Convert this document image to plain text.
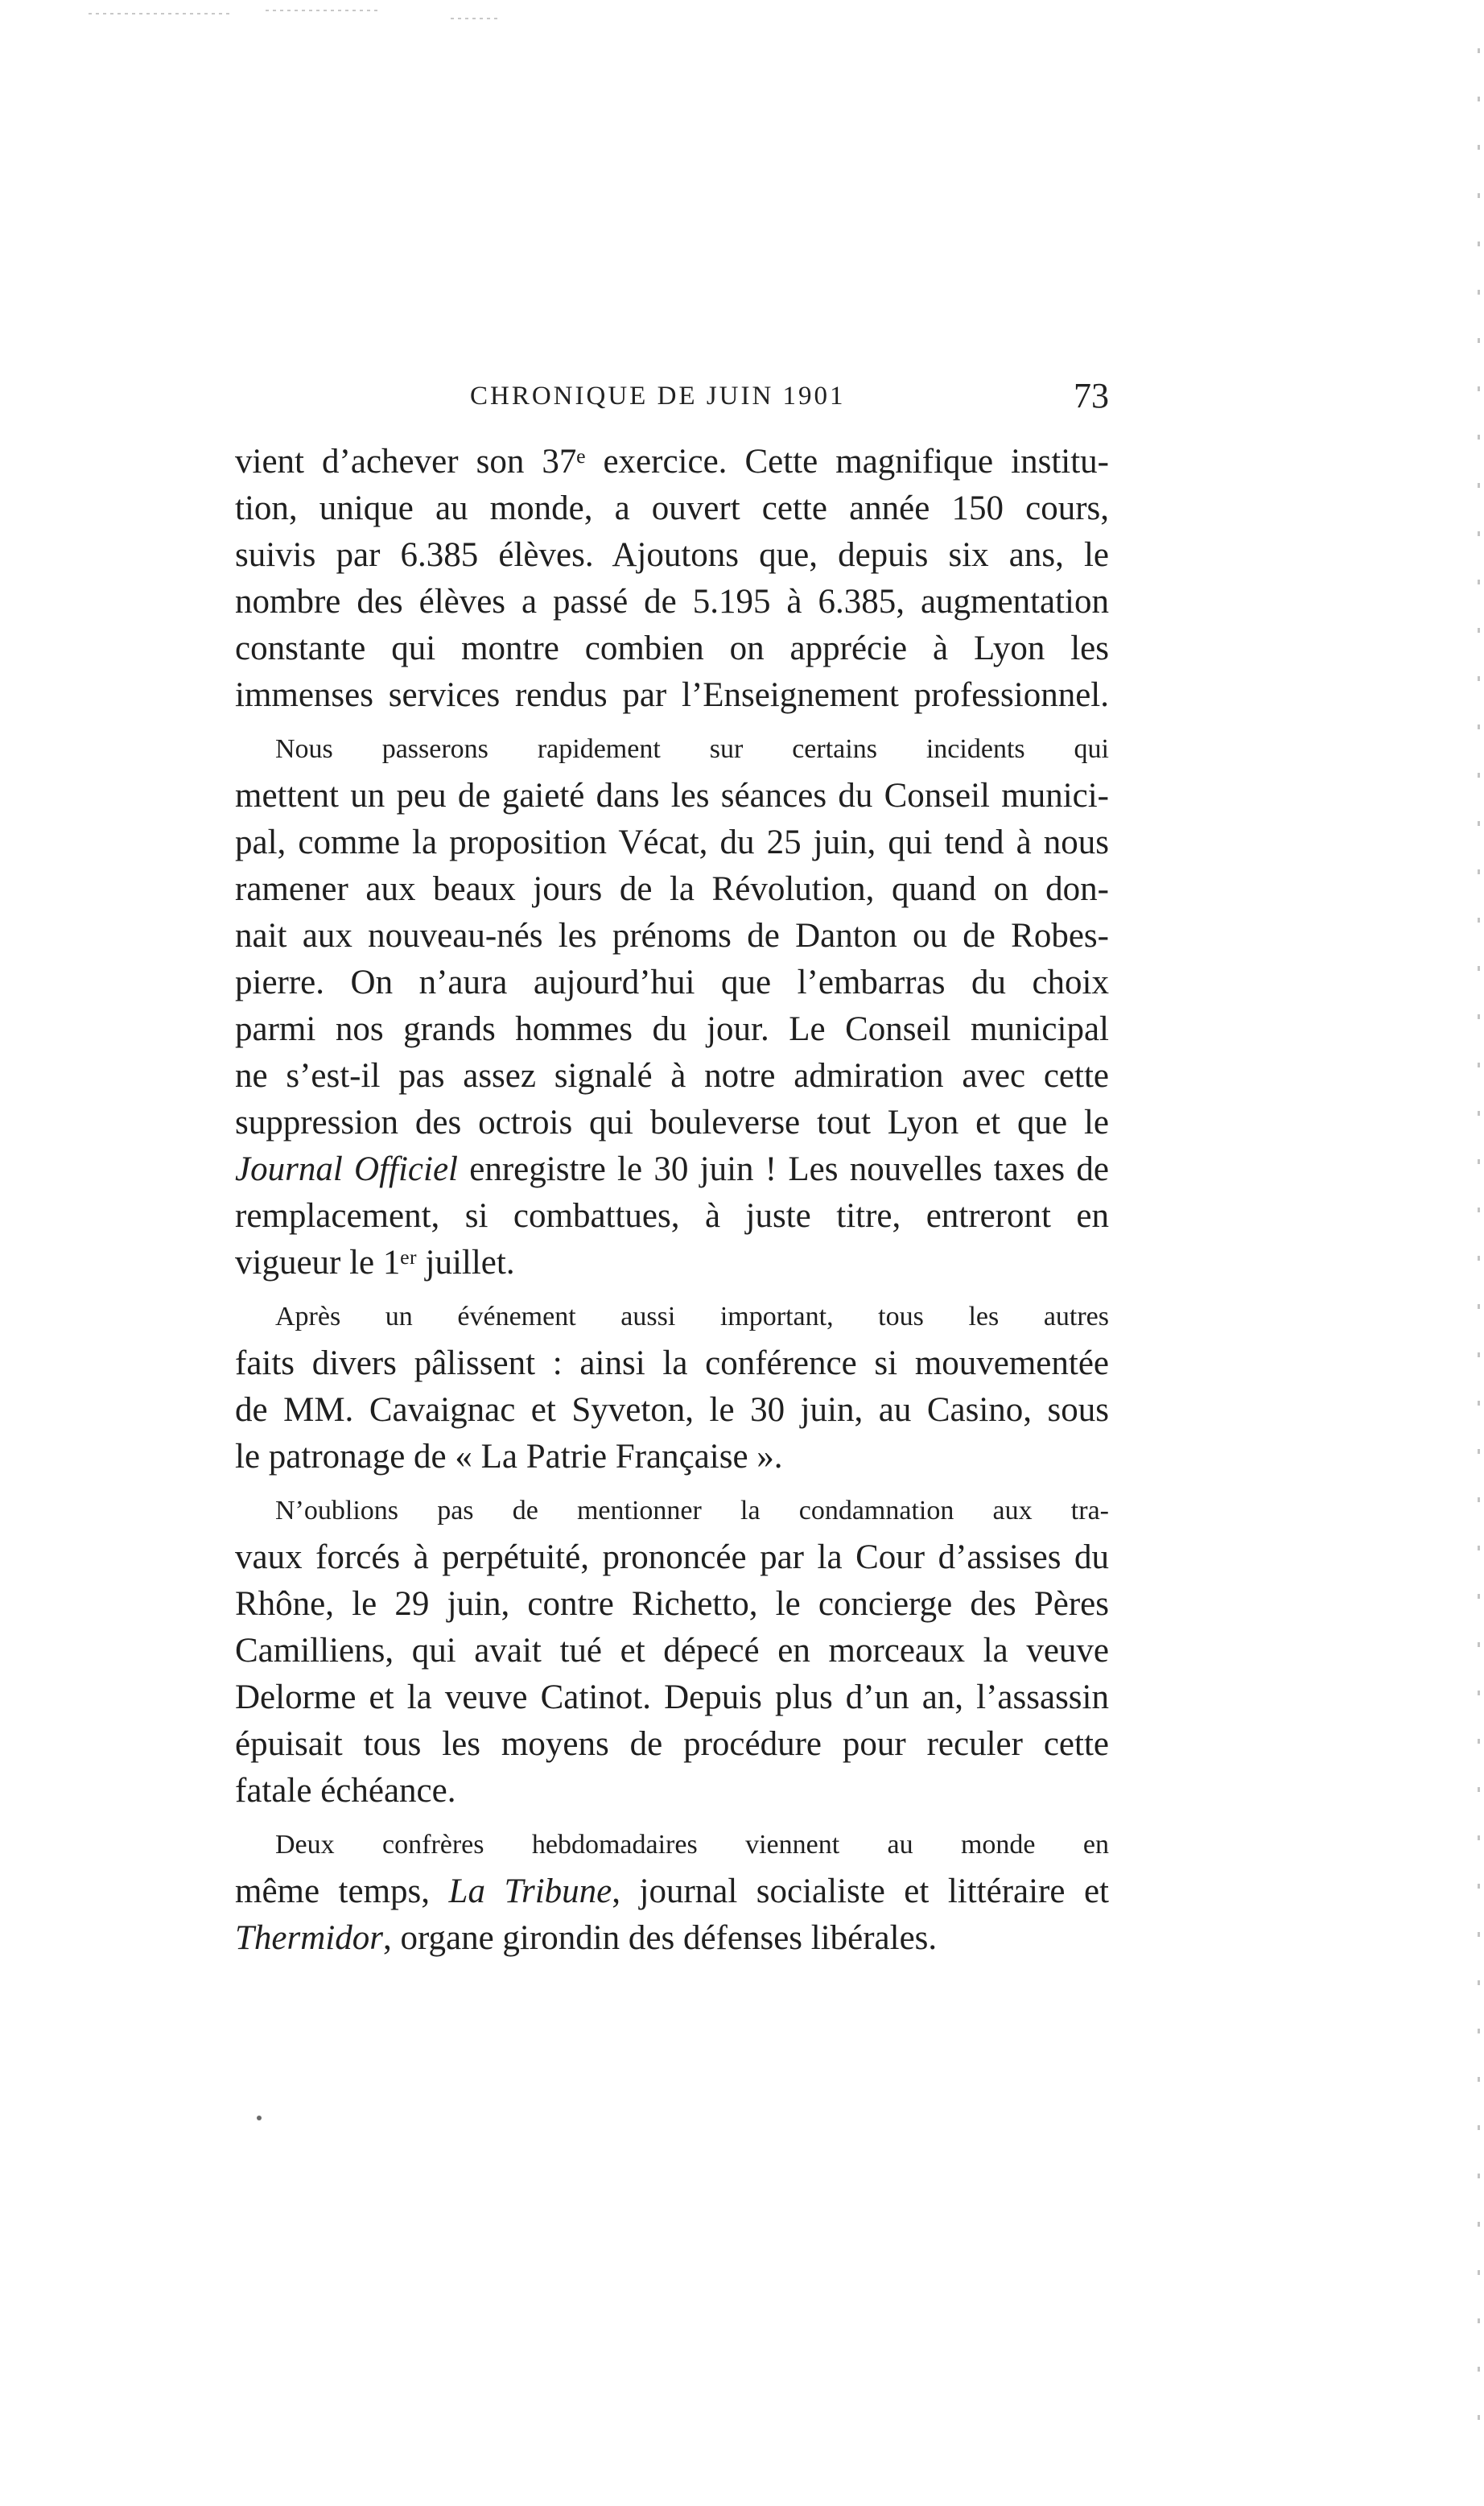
CHRONIQUE DE JUIN 1901	73
vient d’achever son 37ᵉ exercice. Cette magnifique institu-
tion, unique au monde, a ouvert cette année 150 cours,
suivis par 6.385 élèves. Ajoutons que, depuis six ans, le
nombre des élèves a passé de 5.195 à 6.385, augmentation
constante qui montre combien on apprécie à Lyon les
immenses services rendus par l’Enseignement professionnel.
Nous passerons rapidement sur certains incidents qui
mettent un peu de gaieté dans les séances du Conseil munici-
pal, comme la proposition Vécat, du 25 juin, qui tend à nous
ramener aux beaux jours de la Révolution, quand on don-
nait aux nouveau-nés les prénoms de Danton ou de Robes-
pierre. On n’aura aujourd’hui que l’embarras du choix
parmi nos grands hommes du jour. Le Conseil municipal
ne s’est-il pas assez signalé à notre admiration avec cette
suppression des octrois qui bouleverse tout Lyon et que le
Journal Officiel enregistre le 30 juin ! Les nouvelles taxes de
remplacement, si combattues, à juste titre, entreront en
vigueur le 1ᵉʳ juillet.
Après un événement aussi important, tous les autres
faits divers pâlissent : ainsi la conférence si mouvementée
de MM. Cavaignac et Syveton, le 30 juin, au Casino, sous
le patronage de « La Patrie Française ».
N’oublions pas de mentionner la condamnation aux tra-
vaux forcés à perpétuité, prononcée par la Cour d’assises du
Rhône, le 29 juin, contre Richetto, le concierge des Pères
Camilliens, qui avait tué et dépecé en morceaux la veuve
Delorme et la veuve Catinot. Depuis plus d’un an, l’assassin
épuisait tous les moyens de procédure pour reculer cette
fatale échéance.
Deux confrères hebdomadaires viennent au monde en
même temps, La Tribune, journal socialiste et littéraire et
Thermidor, organe girondin des défenses libérales.
